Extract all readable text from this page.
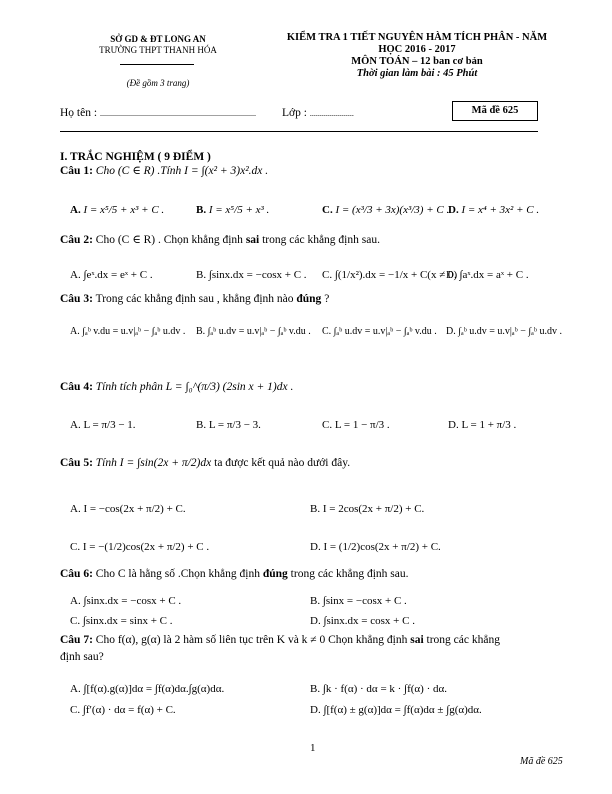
SỞ GD & ĐT LONG AN
TRƯỜNG THPT THANH HÓA
(Đề gồm 3 trang)
KIỂM TRA 1 TIẾT NGUYÊN HÀM TÍCH PHÂN - NĂM
HỌC 2016 - 2017
MÔN TOÁN – 12 ban cơ bản
Thời gian làm bài : 45 Phút
Họ tên : .............................................................................. Lớp : ......................	Mã đề 625
I. TRẮC NGHIỆM ( 9 ĐIỂM )
Câu 1: Cho (C ∈ R) .Tính I = ∫(x² + 3)x².dx .
A. I = x⁵/5 + x³ + C .	B. I = x⁵/5 + x³ .	C. I = (x³/3 + 3x)(x³/3) + C .
D. I = x⁴ + 3x² + C .
Câu 2: Cho (C ∈ R) . Chọn khẳng định sai trong các khẳng định sau.
A. ∫eˣ.dx = eˣ + C .	B. ∫sinx.dx = −cosx + C . C. ∫(1/x²).dx = −1/x + C(x ≠ 0)
D. ∫aˣ.dx = aˣ + C .
Câu 3: Trong các khẳng định sau , khẳng định nào đúng ?
A. ∫ₐᵇ v.du = u.v|ₐᵇ − ∫ₐᵇ u.dv . B. ∫ₐᵇ u.dv = u.v|ₐᵇ − ∫ₐᵇ v.du . C. ∫ₐᵇ u.dv = u.v|ₐᵇ − ∫ₐᵇ v.du . D. ∫ₐᵇ u.dv = u.v|ₐᵇ − ∫ₐᵇ u.dv .
Câu 4: Tính tích phân L = ∫₀^(π/3) (2sin x + 1)dx .
A. L = π/3 − 1.	B. L = π/3 − 3.	C. L = 1 − π/3 .	D. L = 1 + π/3 .
Câu 5: Tính I = ∫sin(2x + π/2)dx ta được kết quả nào dưới đây.
A. I = −cos(2x + π/2) + C.	B. I = 2cos(2x + π/2) + C.
C. I = −(1/2)cos(2x + π/2) + C .	D. I = (1/2)cos(2x + π/2) + C.
Câu 6: Cho C là hằng số .Chọn khẳng định đúng trong các khẳng định sau.
A. ∫sinx.dx = −cosx + C .	B. ∫sinx = −cosx + C .
C. ∫sinx.dx = sinx + C .	D. ∫sinx.dx = cosx + C .
Câu 7: Cho f(α), g(α) là 2 hàm số liên tục trên K và k ≠ 0 Chọn khẳng định sai trong các khẳng
định sau?
A. ∫[f(α).g(α)]dα = ∫f(α)dα.∫g(α)dα.	B. ∫k · f(α) · dα = k · ∫f(α) · dα.
C. ∫f′(α) · dα = f(α) + C.	D. ∫[f(α) ± g(α)]dα = ∫f(α)dα ± ∫g(α)dα.
1
Mã đề 625
